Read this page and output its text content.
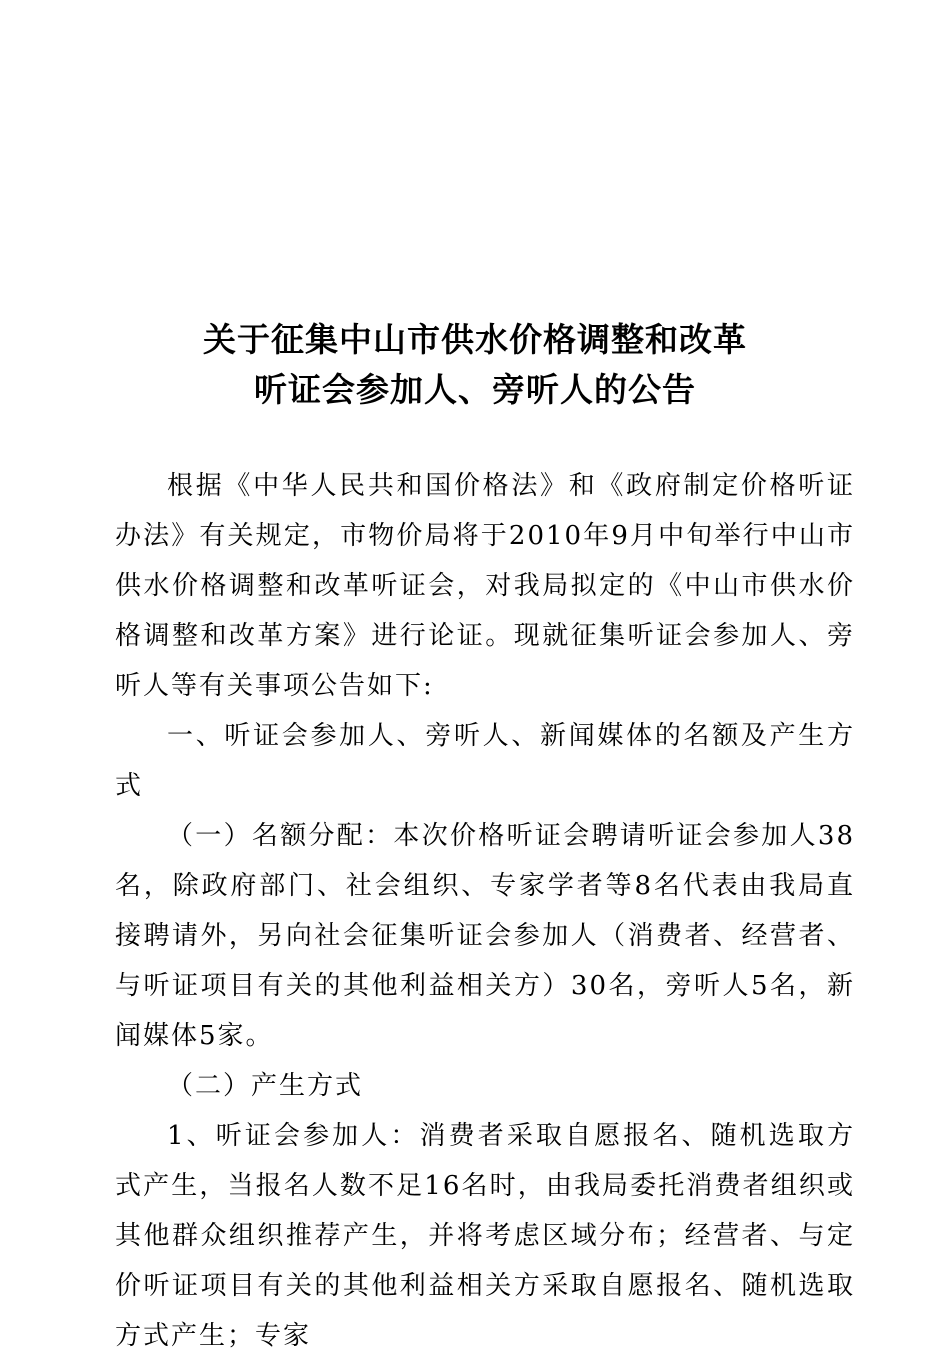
关于征集中山市供水价格调整和改革
听证会参加人、旁听人的公告

根据《中华人民共和国价格法》和《政府制定价格听证办法》有关规定，市物价局将于2010年9月中旬举行中山市供水价格调整和改革听证会，对我局拟定的《中山市供水价格调整和改革方案》进行论证。现就征集听证会参加人、旁听人等有关事项公告如下:

一、听证会参加人、旁听人、新闻媒体的名额及产生方式

（一）名额分配：本次价格听证会聘请听证会参加人38名，除政府部门、社会组织、专家学者等8名代表由我局直接聘请外，另向社会征集听证会参加人（消费者、经营者、与听证项目有关的其他利益相关方）30名，旁听人5名，新闻媒体5家。

（二）产生方式

1、听证会参加人：消费者采取自愿报名、随机选取方式产生，当报名人数不足16名时，由我局委托消费者组织或其他群众组织推荐产生，并将考虑区域分布；经营者、与定价听证项目有关的其他利益相关方采取自愿报名、随机选取方式产生；专家
